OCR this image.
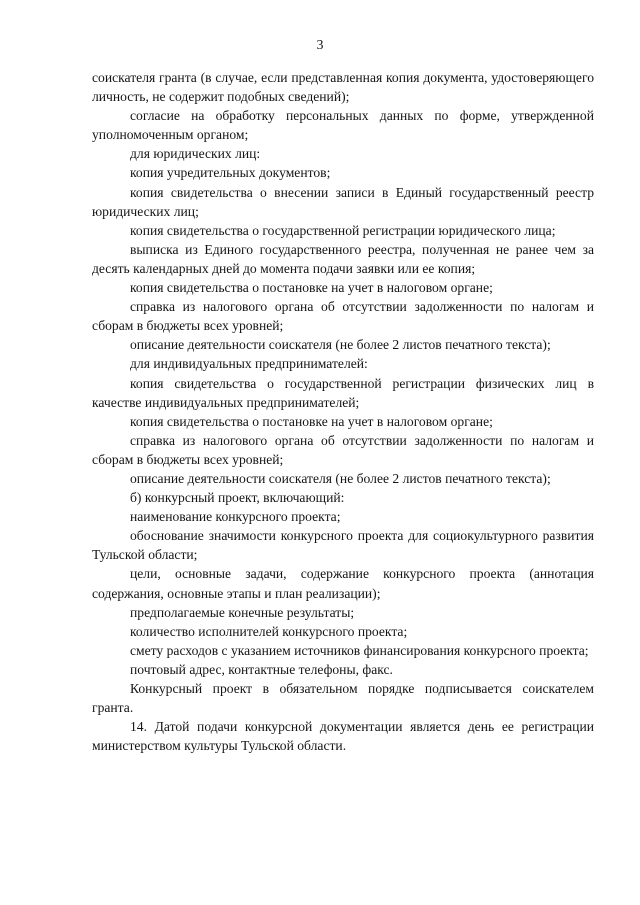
3

соискателя гранта (в случае, если представленная копия документа, удостоверяющего личность, не содержит подобных сведений);

согласие на обработку персональных данных по форме, утвержденной уполномоченным органом;

для юридических лиц:

копия учредительных документов;

копия свидетельства о внесении записи в Единый государственный реестр юридических лиц;

копия свидетельства о государственной регистрации юридического лица;

выписка из Единого государственного реестра, полученная не ранее чем за десять календарных дней до момента подачи заявки или ее копия;

копия свидетельства о постановке на учет в налоговом органе;

справка из налогового органа об отсутствии задолженности по налогам и сборам в бюджеты всех уровней;

описание деятельности соискателя (не более 2 листов печатного текста);

для индивидуальных предпринимателей:

копия свидетельства о государственной регистрации физических лиц в качестве индивидуальных предпринимателей;

копия свидетельства о постановке на учет в налоговом органе;

справка из налогового органа об отсутствии задолженности по налогам и сборам в бюджеты всех уровней;

описание деятельности соискателя (не более 2 листов печатного текста);

б) конкурсный проект, включающий:

наименование конкурсного проекта;

обоснование значимости конкурсного проекта для социокультурного развития Тульской области;

цели, основные задачи, содержание конкурсного проекта (аннотация содержания, основные этапы и план реализации);

предполагаемые конечные результаты;

количество исполнителей конкурсного проекта;

смету расходов с указанием источников финансирования конкурсного проекта;

почтовый адрес, контактные телефоны, факс.

Конкурсный проект в обязательном порядке подписывается соискателем гранта.

14. Датой подачи конкурсной документации является день ее регистрации министерством культуры Тульской области.
